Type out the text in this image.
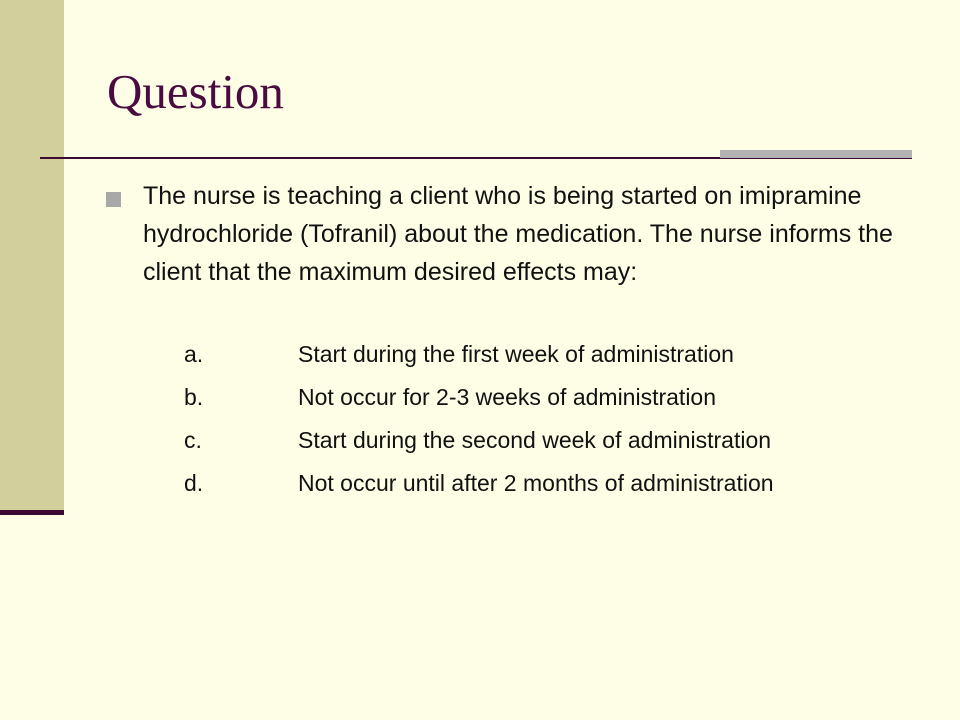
Question

The nurse is teaching a client who is being started on imipramine hydrochloride (Tofranil) about the medication. The nurse informs the client that the maximum desired effects may:

a.	Start during the first week of administration
b.	Not occur for 2-3 weeks of administration
c.	Start during the second week of administration
d.	Not occur until after 2 months of administration
